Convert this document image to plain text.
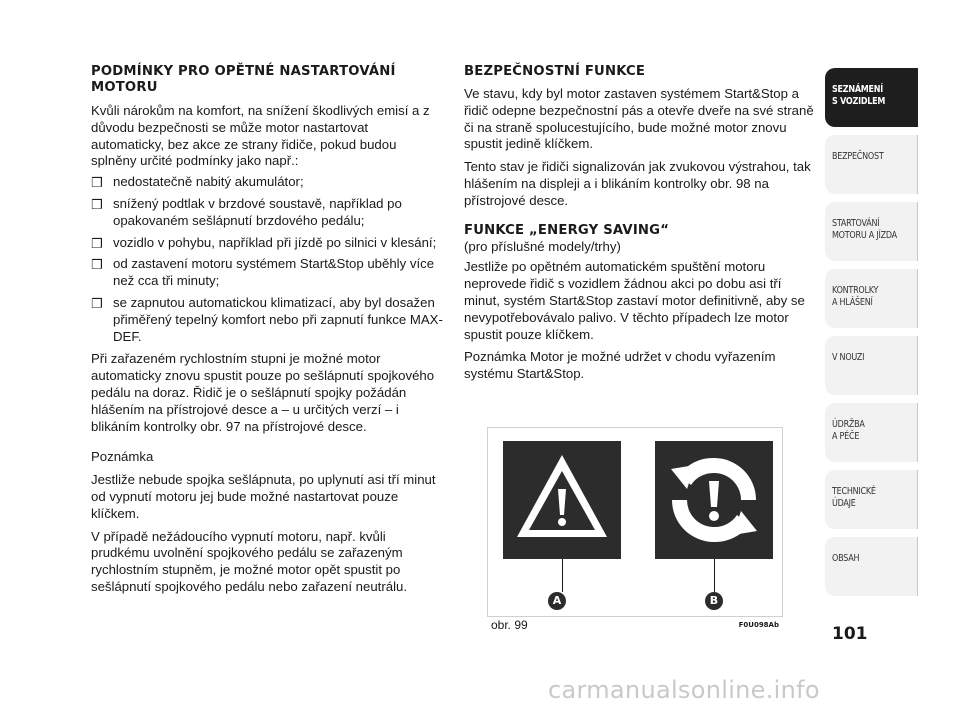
PODMÍNKY PRO OPĚTNÉ NASTARTOVÁNÍ MOTORU

Kvůli nárokům na komfort, na snížení škodlivých emisí a z důvodu bezpečnosti se může motor nastartovat automaticky, bez akce ze strany řidiče, pokud budou splněny určité podmínky jako např.:

❒ nedostatečně nabitý akumulátor;
❒ snížený podtlak v brzdové soustavě, například po opakovaném sešlápnutí brzdového pedálu;
❒ vozidlo v pohybu, například při jízdě po silnici v klesání;
❒ od zastavení motoru systémem Start&Stop uběhly více než cca tři minuty;
❒ se zapnutou automatickou klimatizací, aby byl dosažen přiměřený tepelný komfort nebo při zapnutí funkce MAX-DEF.

Při zařazeném rychlostním stupni je možné motor automaticky znovu spustit pouze po sešlápnutí spojkového pedálu na doraz. Řidič je o sešlápnutí spojky požádán hlášením na přístrojové desce a – u určitých verzí – i blikáním kontrolky obr. 97 na přístrojové desce.

Poznámka

Jestliže nebude spojka sešlápnuta, po uplynutí asi tří minut od vypnutí motoru jej bude možné nastartovat pouze klíčkem.

V případě nežádoucího vypnutí motoru, např. kvůli prudkému uvolnění spojkového pedálu se zařazeným rychlostním stupněm, je možné motor opět spustit po sešlápnutí spojkového pedálu nebo zařazení neutrálu.

BEZPEČNOSTNÍ FUNKCE

Ve stavu, kdy byl motor zastaven systémem Start&Stop a řidič odepne bezpečnostní pás a otevře dveře na své straně či na straně spolucestujícího, bude možné motor znovu spustit jedině klíčkem.

Tento stav je řidiči signalizován jak zvukovou výstrahou, tak hlášením na displeji a i blikáním kontrolky obr. 98 na přístrojové desce.

FUNKCE „ENERGY SAVING“

(pro příslušné modely/trhy)

Jestliže po opětném automatickém spuštění motoru neprovede řidič s vozidlem žádnou akci po dobu asi tří minut, systém Start&Stop zastaví motor definitivně, aby se nevypotřebovávalo palivo. V těchto případech lze motor spustit pouze klíčkem.

Poznámka Motor je možné udržet v chodu vyřazením systému Start&Stop.

A	B
obr. 99	F0U098Ab
SEZNÁMENÍ
S VOZIDLEM
BEZPEČNOST
STARTOVÁNÍ
MOTORU A JÍZDA
KONTROLKY
A HLÁŠENÍ
V NOUZI
ÚDRŽBA
A PÉČE
TECHNICKÉ
ÚDAJE
OBSAH
101
carmanualsonline.info
